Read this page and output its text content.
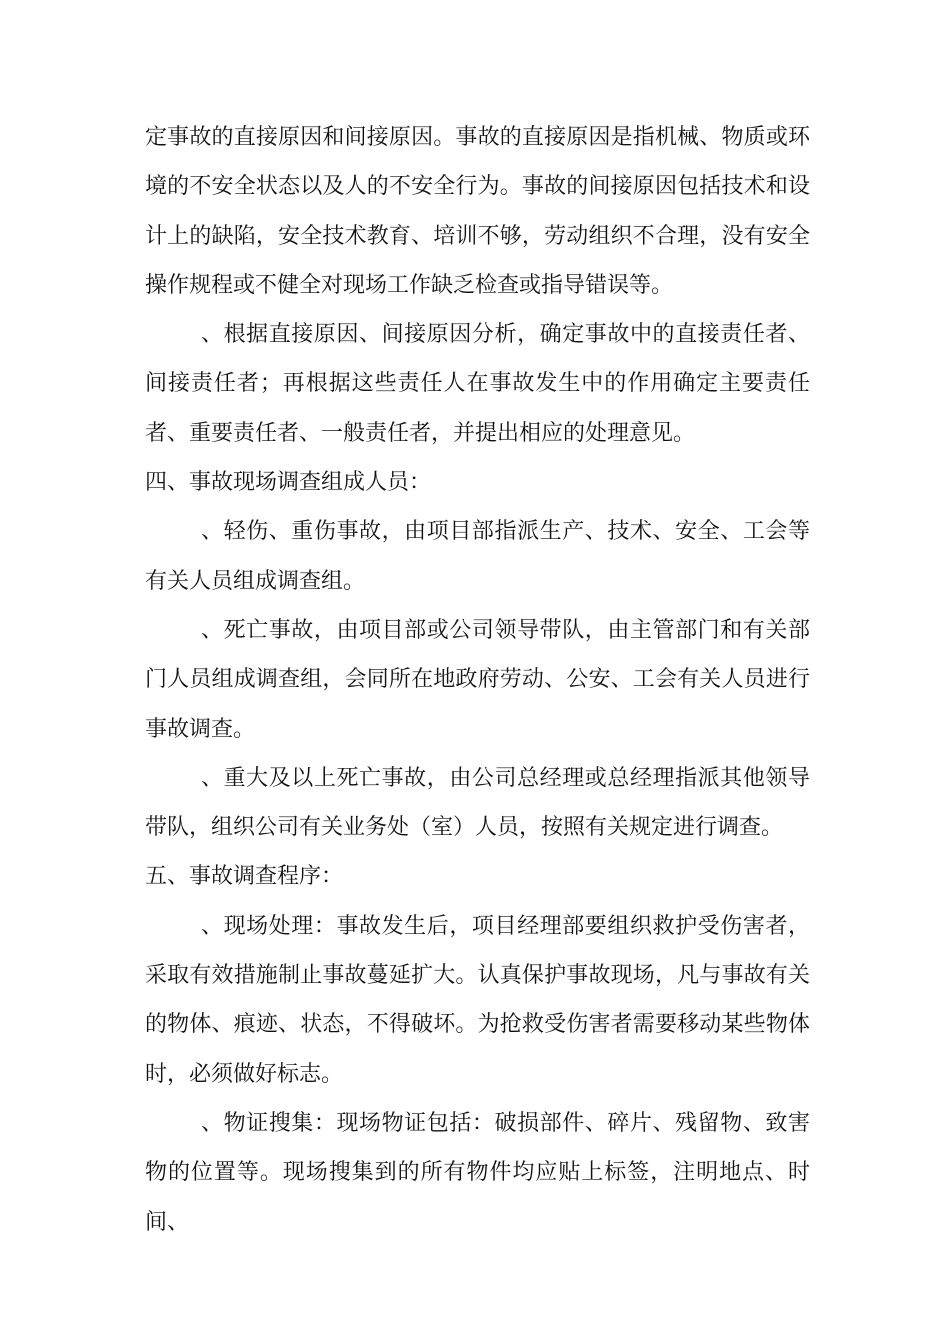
定事故的直接原因和间接原因。事故的直接原因是指机械、物质或环境的不安全状态以及人的不安全行为。事故的间接原因包括技术和设计上的缺陷，安全技术教育、培训不够，劳动组织不合理，没有安全操作规程或不健全对现场工作缺乏检查或指导错误等。

、根据直接原因、间接原因分析，确定事故中的直接责任者、间接责任者；再根据这些责任人在事故发生中的作用确定主要责任者、重要责任者、一般责任者，并提出相应的处理意见。

四、事故现场调查组成人员：

、轻伤、重伤事故，由项目部指派生产、技术、安全、工会等有关人员组成调查组。

、死亡事故，由项目部或公司领导带队，由主管部门和有关部门人员组成调查组，会同所在地政府劳动、公安、工会有关人员进行事故调查。

、重大及以上死亡事故，由公司总经理或总经理指派其他领导带队，组织公司有关业务处（室）人员，按照有关规定进行调查。

五、事故调查程序：

、现场处理：事故发生后，项目经理部要组织救护受伤害者，采取有效措施制止事故蔓延扩大。认真保护事故现场，凡与事故有关的物体、痕迹、状态，不得破坏。为抢救受伤害者需要移动某些物体时，必须做好标志。

、物证搜集：现场物证包括：破损部件、碎片、残留物、致害物的位置等。现场搜集到的所有物件均应贴上标签，注明地点、时间、
